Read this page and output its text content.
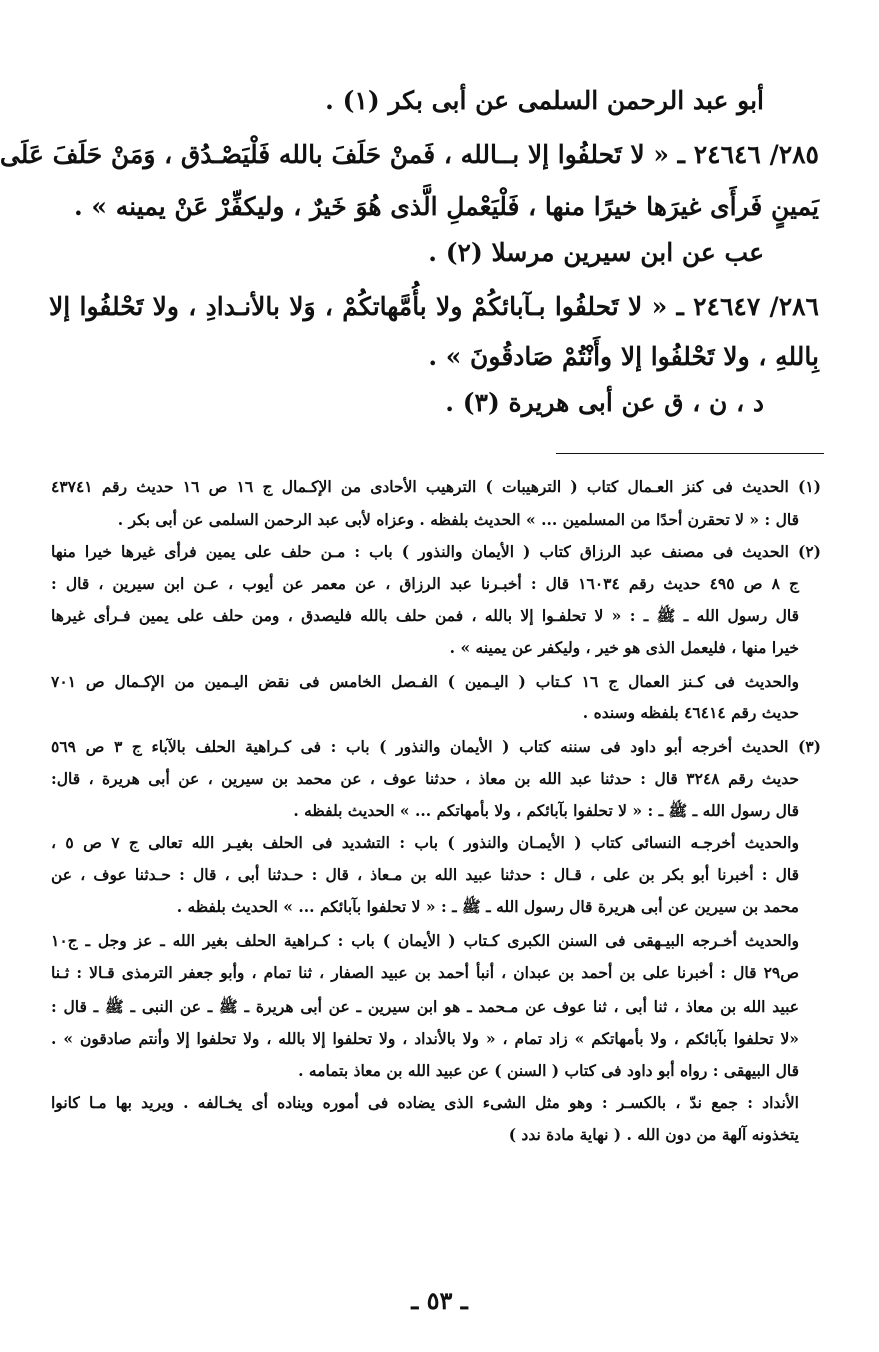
أبو عبد الرحمن السلمى عن أبى بكر (١) .
٢٨٥/ ٢٤٦٤٦ ـ « لا تَحلفُوا إلا بــالله ، فَمنْ حَلَفَ بالله فَلْيَصْـدُق ، وَمَنْ حَلَفَ عَلَى
يَمينٍ فَرأَى غيرَها خيرًا منها ، فَلْيَعْملِ الَّذى هُوَ خَيرٌ ، وليكفِّرْ عَنْ يمينه » .
عب عن ابن سيرين مرسلا (٢) .
٢٨٦/ ٢٤٦٤٧ ـ « لا تَحلفُوا بـآبائكُمْ ولا بأُمَّهاتكُمْ ، وَلا بالأنـدادِ ، ولا تَحْلفُوا إلا
بِاللهِ ، ولا تَحْلفُوا إلا وأَنْتُمْ صَادقُونَ » .
د ، ن ، ق عن أبى هريرة (٣) .
(١) الحديث فى كنز العـمال كتاب ( الترهيبات ) الترهيب الأحادى من الإكـمال ج ١٦ ص ١٦ حديث رقم ٤٣٧٤١
قال : « لا تحقرن أحدًا من المسلمين ... » الحديث بلفظه . وعزاه لأبى عبد الرحمن السلمى عن أبى بكر .
(٢) الحديث فى مصنف عبد الرزاق كتاب ( الأيمان والنذور ) باب : مـن حلف على يمين فرأى غيرها خيرا منها
ج ٨ ص ٤٩٥ حديث رقم ١٦٠٣٤ قال : أخبـرنا عبد الرزاق ، عن معمر عن أيوب ، عـن ابن سيرين ، قال :
قال رسول الله ـ ﷺ ـ : « لا تحلفـوا إلا بالله ، فمن حلف بالله فليصدق ، ومن حلف على يمين فـرأى غيرها
خيرا منها ، فليعمل الذى هو خير ، وليكفر عن يمينه » .
والحديث فى كـنز العمال ج ١٦ كـتاب ( اليـمين ) الفـصل الخامس فى نقض اليـمين من الإكـمال ص ٧٠١
حديث رقم ٤٦٤١٤ بلفظه وسنده .
(٣) الحديث أخرجه أبو داود فى سننه كتاب ( الأيمان والنذور ) باب : فى كـراهية الحلف بالآباء ج ٣ ص ٥٦٩
حديث رقم ٣٢٤٨ قال : حدثنا عبد الله بن معاذ ، حدثنا عوف ، عن محمد بن سيرين ، عن أبى هريرة ، قال:
قال رسول الله ـ ﷺ ـ : « لا تحلفوا بآبائكم ، ولا بأمهاتكم ... » الحديث بلفظه .
والحديث أخرجـه النسائى كتاب ( الأيمـان والنذور ) باب : التشديد فى الحلف بغيـر الله تعالى ج ٧ ص ٥ ،
قال : أخبرنا أبو بكر بن على ، قـال : حدثنا عبيد الله بن مـعاذ ، قال : حـدثنا أبى ، قال : حـدثنا عوف ، عن
محمد بن سيرين عن أبى هريرة قال رسول الله ـ ﷺ ـ : « لا تحلفوا بآبائكم ... » الحديث بلفظه .
والحديث أخـرجه البيـهقى فى السنن الكبرى كـتاب ( الأيمان ) باب : كـراهية الحلف بغير الله ـ عز وجل ـ ج١٠
ص٢٩ قال : أخبرنا على بن أحمد بن عبدان ، أنبأ أحمد بن عبيد الصفار ، ثنا تمام ، وأبو جعفر الترمذى قـالا : ثـنا
عبيد الله بن معاذ ، ثنا أبى ، ثنا عوف عن مـحمد ـ هو ابن سيرين ـ عن أبى هريرة ـ ﷺ ـ عن النبى ـ ﷺ ـ قال :
«لا تحلفوا بآبائكم ، ولا بأمهاتكم » زاد تمام ، « ولا بالأنداد ، ولا تحلفوا إلا بالله ، ولا تحلفوا إلا وأنتم صادقون » .
قال البيهقى : رواه أبو داود فى كتاب ( السنن ) عن عبيد الله بن معاذ بتمامه .
الأنداد : جمع ندّ ، بالكسـر : وهو مثل الشىء الذى يضاده فى أموره ويناده أى يخـالفه . ويريد بها مـا كانوا
يتخذونه آلهة من دون الله . ( نهاية مادة ندد )
ـ ٥٣ ـ
